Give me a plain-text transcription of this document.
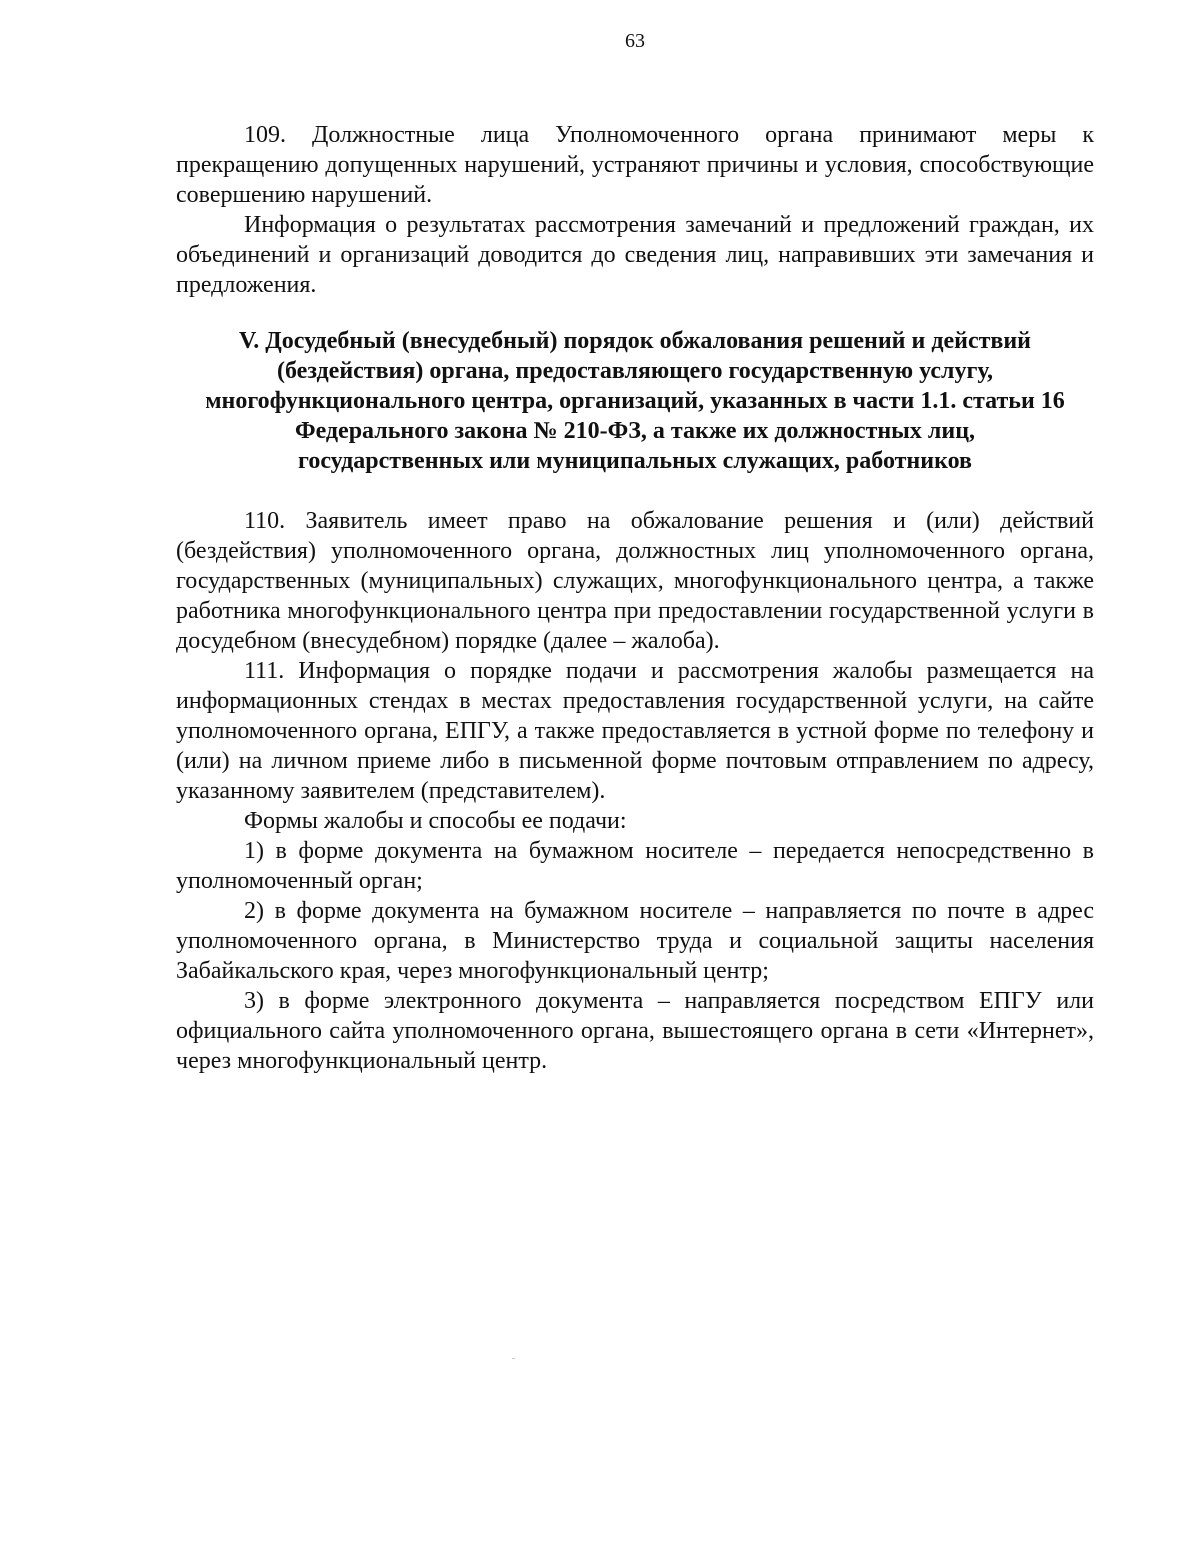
63

109. Должностные лица Уполномоченного органа принимают меры к прекращению допущенных нарушений, устраняют причины и условия, способствующие совершению нарушений.

Информация о результатах рассмотрения замечаний и предложений граждан, их объединений и организаций доводится до сведения лиц, направивших эти замечания и предложения.

V. Досудебный (внесудебный) порядок обжалования решений и действий
(бездействия) органа, предоставляющего государственную услугу,
многофункционального центра, организаций, указанных в части 1.1. статьи 16
Федерального закона № 210-ФЗ, а также их должностных лиц,
государственных или муниципальных служащих, работников

110. Заявитель имеет право на обжалование решения и (или) действий (бездействия) уполномоченного органа, должностных лиц уполномоченного органа, государственных (муниципальных) служащих, многофункционального центра, а также работника многофункционального центра при предоставлении государственной услуги в досудебном (внесудебном) порядке (далее – жалоба).

111. Информация о порядке подачи и рассмотрения жалобы размещается на информационных стендах в местах предоставления государственной услуги, на сайте уполномоченного органа, ЕПГУ, а также предоставляется в устной форме по телефону и (или) на личном приеме либо в письменной форме почтовым отправлением по адресу, указанному заявителем (представителем).

Формы жалобы и способы ее подачи:

1) в форме документа на бумажном носителе – передается непосредственно в уполномоченный орган;

2) в форме документа на бумажном носителе – направляется по почте в адрес уполномоченного органа, в Министерство труда и социальной защиты населения Забайкальского края, через многофункциональный центр;

3) в форме электронного документа – направляется посредством ЕПГУ или официального сайта уполномоченного органа, вышестоящего органа в сети «Интернет», через многофункциональный центр.
